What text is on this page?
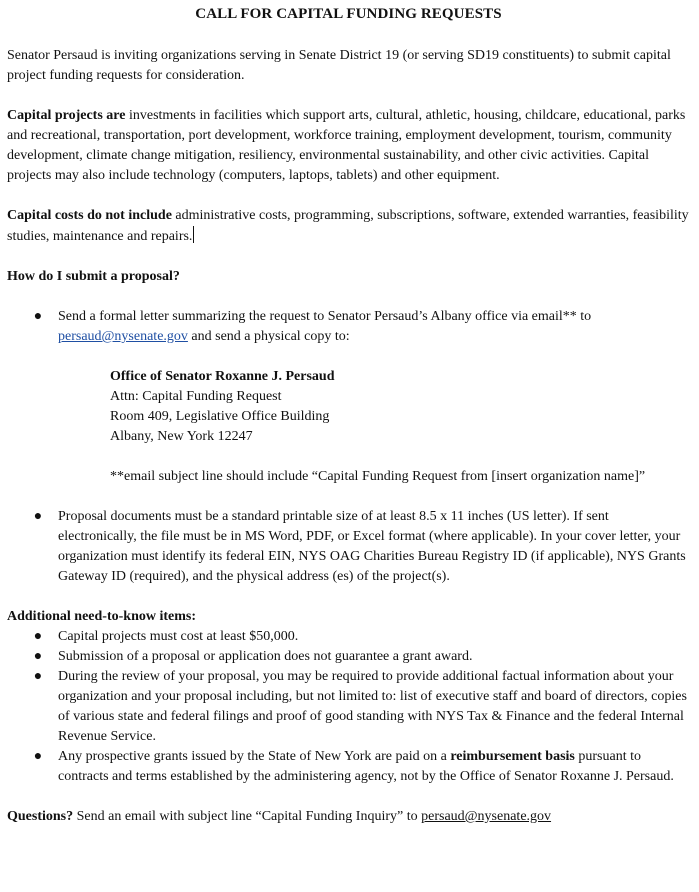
CALL FOR CAPITAL FUNDING REQUESTS

Senator Persaud is inviting organizations serving in Senate District 19 (or serving SD19 constituents) to submit capital project funding requests for consideration.

Capital projects are investments in facilities which support arts, cultural, athletic, housing, childcare, educational, parks and recreational, transportation, port development, workforce training, employment development, tourism, community development, climate change mitigation, resiliency, environmental sustainability, and other civic activities. Capital projects may also include technology (computers, laptops, tablets) and other equipment.

Capital costs do not include administrative costs, programming, subscriptions, software, extended warranties, feasibility studies, maintenance and repairs.

How do I submit a proposal?

● Send a formal letter summarizing the request to Senator Persaud’s Albany office via email** to persaud@nysenate.gov and send a physical copy to:
Office of Senator Roxanne J. Persaud
Attn: Capital Funding Request
Room 409, Legislative Office Building
Albany, New York 12247
**email subject line should include “Capital Funding Request from [insert organization name]”
● Proposal documents must be a standard printable size of at least 8.5 x 11 inches (US letter). If sent electronically, the file must be in MS Word, PDF, or Excel format (where applicable). In your cover letter, your organization must identify its federal EIN, NYS OAG Charities Bureau Registry ID (if applicable), NYS Grants Gateway ID (required), and the physical address (es) of the project(s).

Additional need-to-know items:

● Capital projects must cost at least $50,000.
● Submission of a proposal or application does not guarantee a grant award.
● During the review of your proposal, you may be required to provide additional factual information about your organization and your proposal including, but not limited to: list of executive staff and board of directors, copies of various state and federal filings and proof of good standing with NYS Tax & Finance and the federal Internal Revenue Service.
● Any prospective grants issued by the State of New York are paid on a reimbursement basis pursuant to contracts and terms established by the administering agency, not by the Office of Senator Roxanne J. Persaud.

Questions? Send an email with subject line “Capital Funding Inquiry” to persaud@nysenate.gov
